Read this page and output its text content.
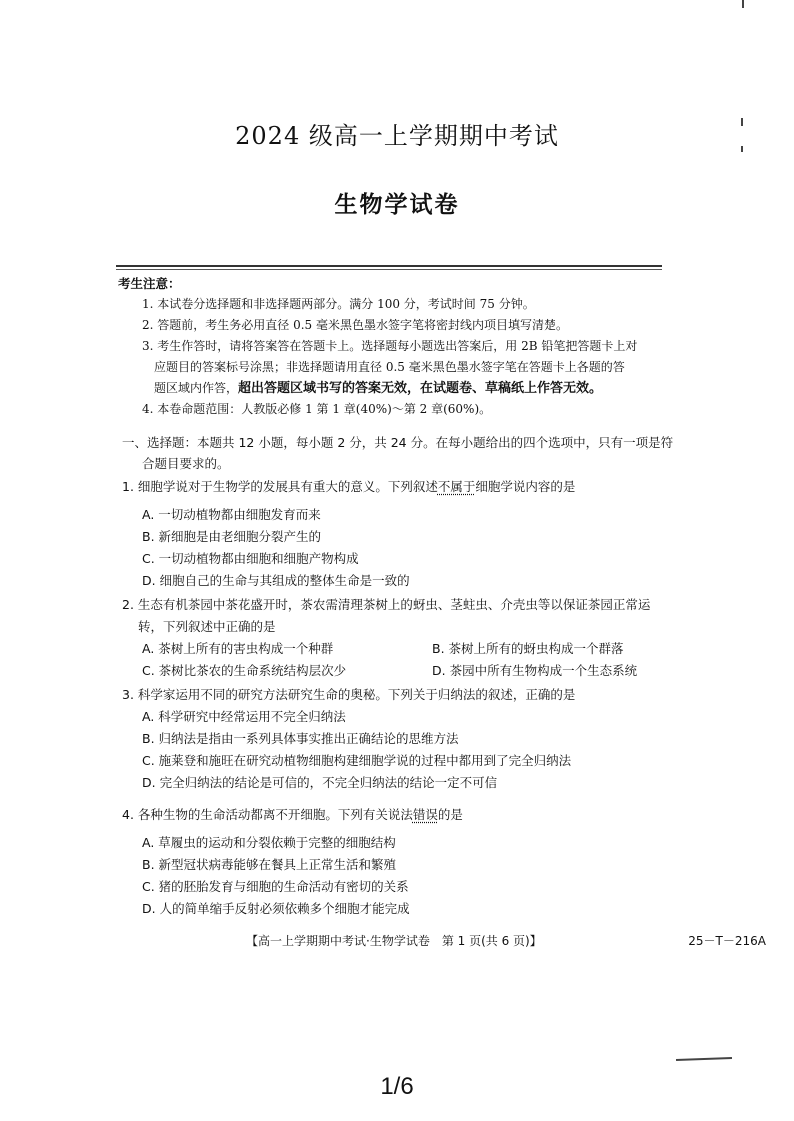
2024 级高一上学期期中考试
生物学试卷
考生注意：
1. 本试卷分选择题和非选择题两部分。满分 100 分，考试时间 75 分钟。
2. 答题前，考生务必用直径 0.5 毫米黑色墨水签字笔将密封线内项目填写清楚。
3. 考生作答时，请将答案答在答题卡上。选择题每小题选出答案后，用 2B 铅笔把答题卡上对
应题目的答案标号涂黑；非选择题请用直径 0.5 毫米黑色墨水签字笔在答题卡上各题的答
题区域内作答，超出答题区域书写的答案无效，在试题卷、草稿纸上作答无效。
4. 本卷命题范围：人教版必修 1 第 1 章(40%)～第 2 章(60%)。
一、选择题：本题共 12 小题，每小题 2 分，共 24 分。在每小题给出的四个选项中，只有一项是符
合题目要求的。
1. 细胞学说对于生物学的发展具有重大的意义。下列叙述不属于细胞学说内容的是
A. 一切动植物都由细胞发育而来
B. 新细胞是由老细胞分裂产生的
C. 一切动植物都由细胞和细胞产物构成
D. 细胞自己的生命与其组成的整体生命是一致的
2. 生态有机茶园中茶花盛开时，茶农需清理茶树上的蚜虫、茎蛀虫、介壳虫等以保证茶园正常运
转，下列叙述中正确的是
A. 茶树上所有的害虫构成一个种群	B. 茶树上所有的蚜虫构成一个群落
C. 茶树比茶农的生命系统结构层次少	D. 茶园中所有生物构成一个生态系统
3. 科学家运用不同的研究方法研究生命的奥秘。下列关于归纳法的叙述，正确的是
A. 科学研究中经常运用不完全归纳法
B. 归纳法是指由一系列具体事实推出正确结论的思维方法
C. 施莱登和施旺在研究动植物细胞构建细胞学说的过程中都用到了完全归纳法
D. 完全归纳法的结论是可信的，不完全归纳法的结论一定不可信
4. 各种生物的生命活动都离不开细胞。下列有关说法错误的是
A. 草履虫的运动和分裂依赖于完整的细胞结构
B. 新型冠状病毒能够在餐具上正常生活和繁殖
C. 猪的胚胎发育与细胞的生命活动有密切的关系
D. 人的简单缩手反射必须依赖多个细胞才能完成
【高一上学期期中考试·生物学试卷　第 1 页(共 6 页)】	25－T－216A
1/6
